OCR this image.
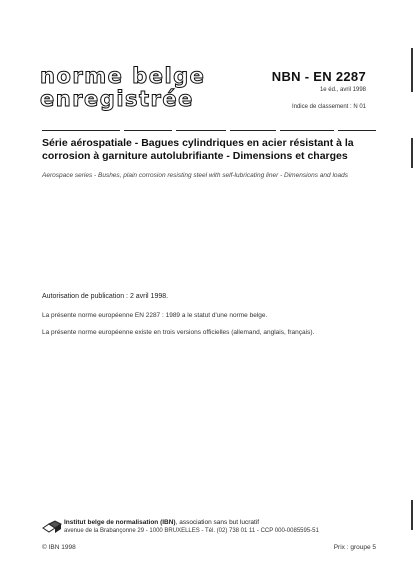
norme belge
enregistrée
NBN - EN 2287
1e éd., avril 1998
Indice de classement : N 01
Série aérospatiale - Bagues cylindriques en acier résistant à la corrosion à garniture autolubrifiante - Dimensions et charges
Aerospace series - Bushes, plain corrosion resisting steel with self-lubricating liner - Dimensions and loads
Autorisation de publication : 2 avril 1998.
La présente norme européenne EN 2287 : 1989 a le statut d'une norme belge.
La présente norme européenne existe en trois versions officielles (allemand, anglais, français).
Institut belge de normalisation (IBN), association sans but lucratif
avenue de la Brabançonne 29 - 1000 BRUXELLES - Tél. (02) 738 01 11 - CCP 000-0085595-51
© IBN 1998	Prix : groupe 5
